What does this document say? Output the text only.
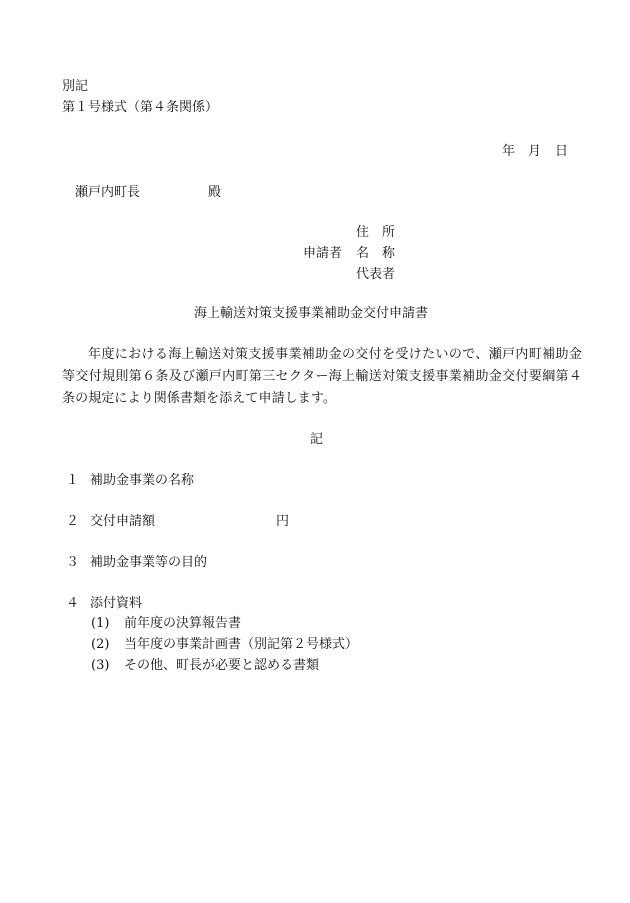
別記
第１号様式（第４条関係）
年 月 日
瀬戸内町長	殿
住　所
申請者 名　称
代表者
海上輸送対策支援事業補助金交付申請書
年度における海上輸送対策支援事業補助金の交付を受けたいので、瀬戸内町補助金等交付規則第６条及び瀬戸内町第三セクター海上輸送対策支援事業補助金交付要綱第４条の規定により関係書類を添えて申請します。
記
１ 補助金事業の名称
２ 交付申請額	円
３ 補助金事業等の目的
４ 添付資料
(1) 前年度の決算報告書
(2) 当年度の事業計画書（別記第２号様式）
(3) その他、町長が必要と認める書類
